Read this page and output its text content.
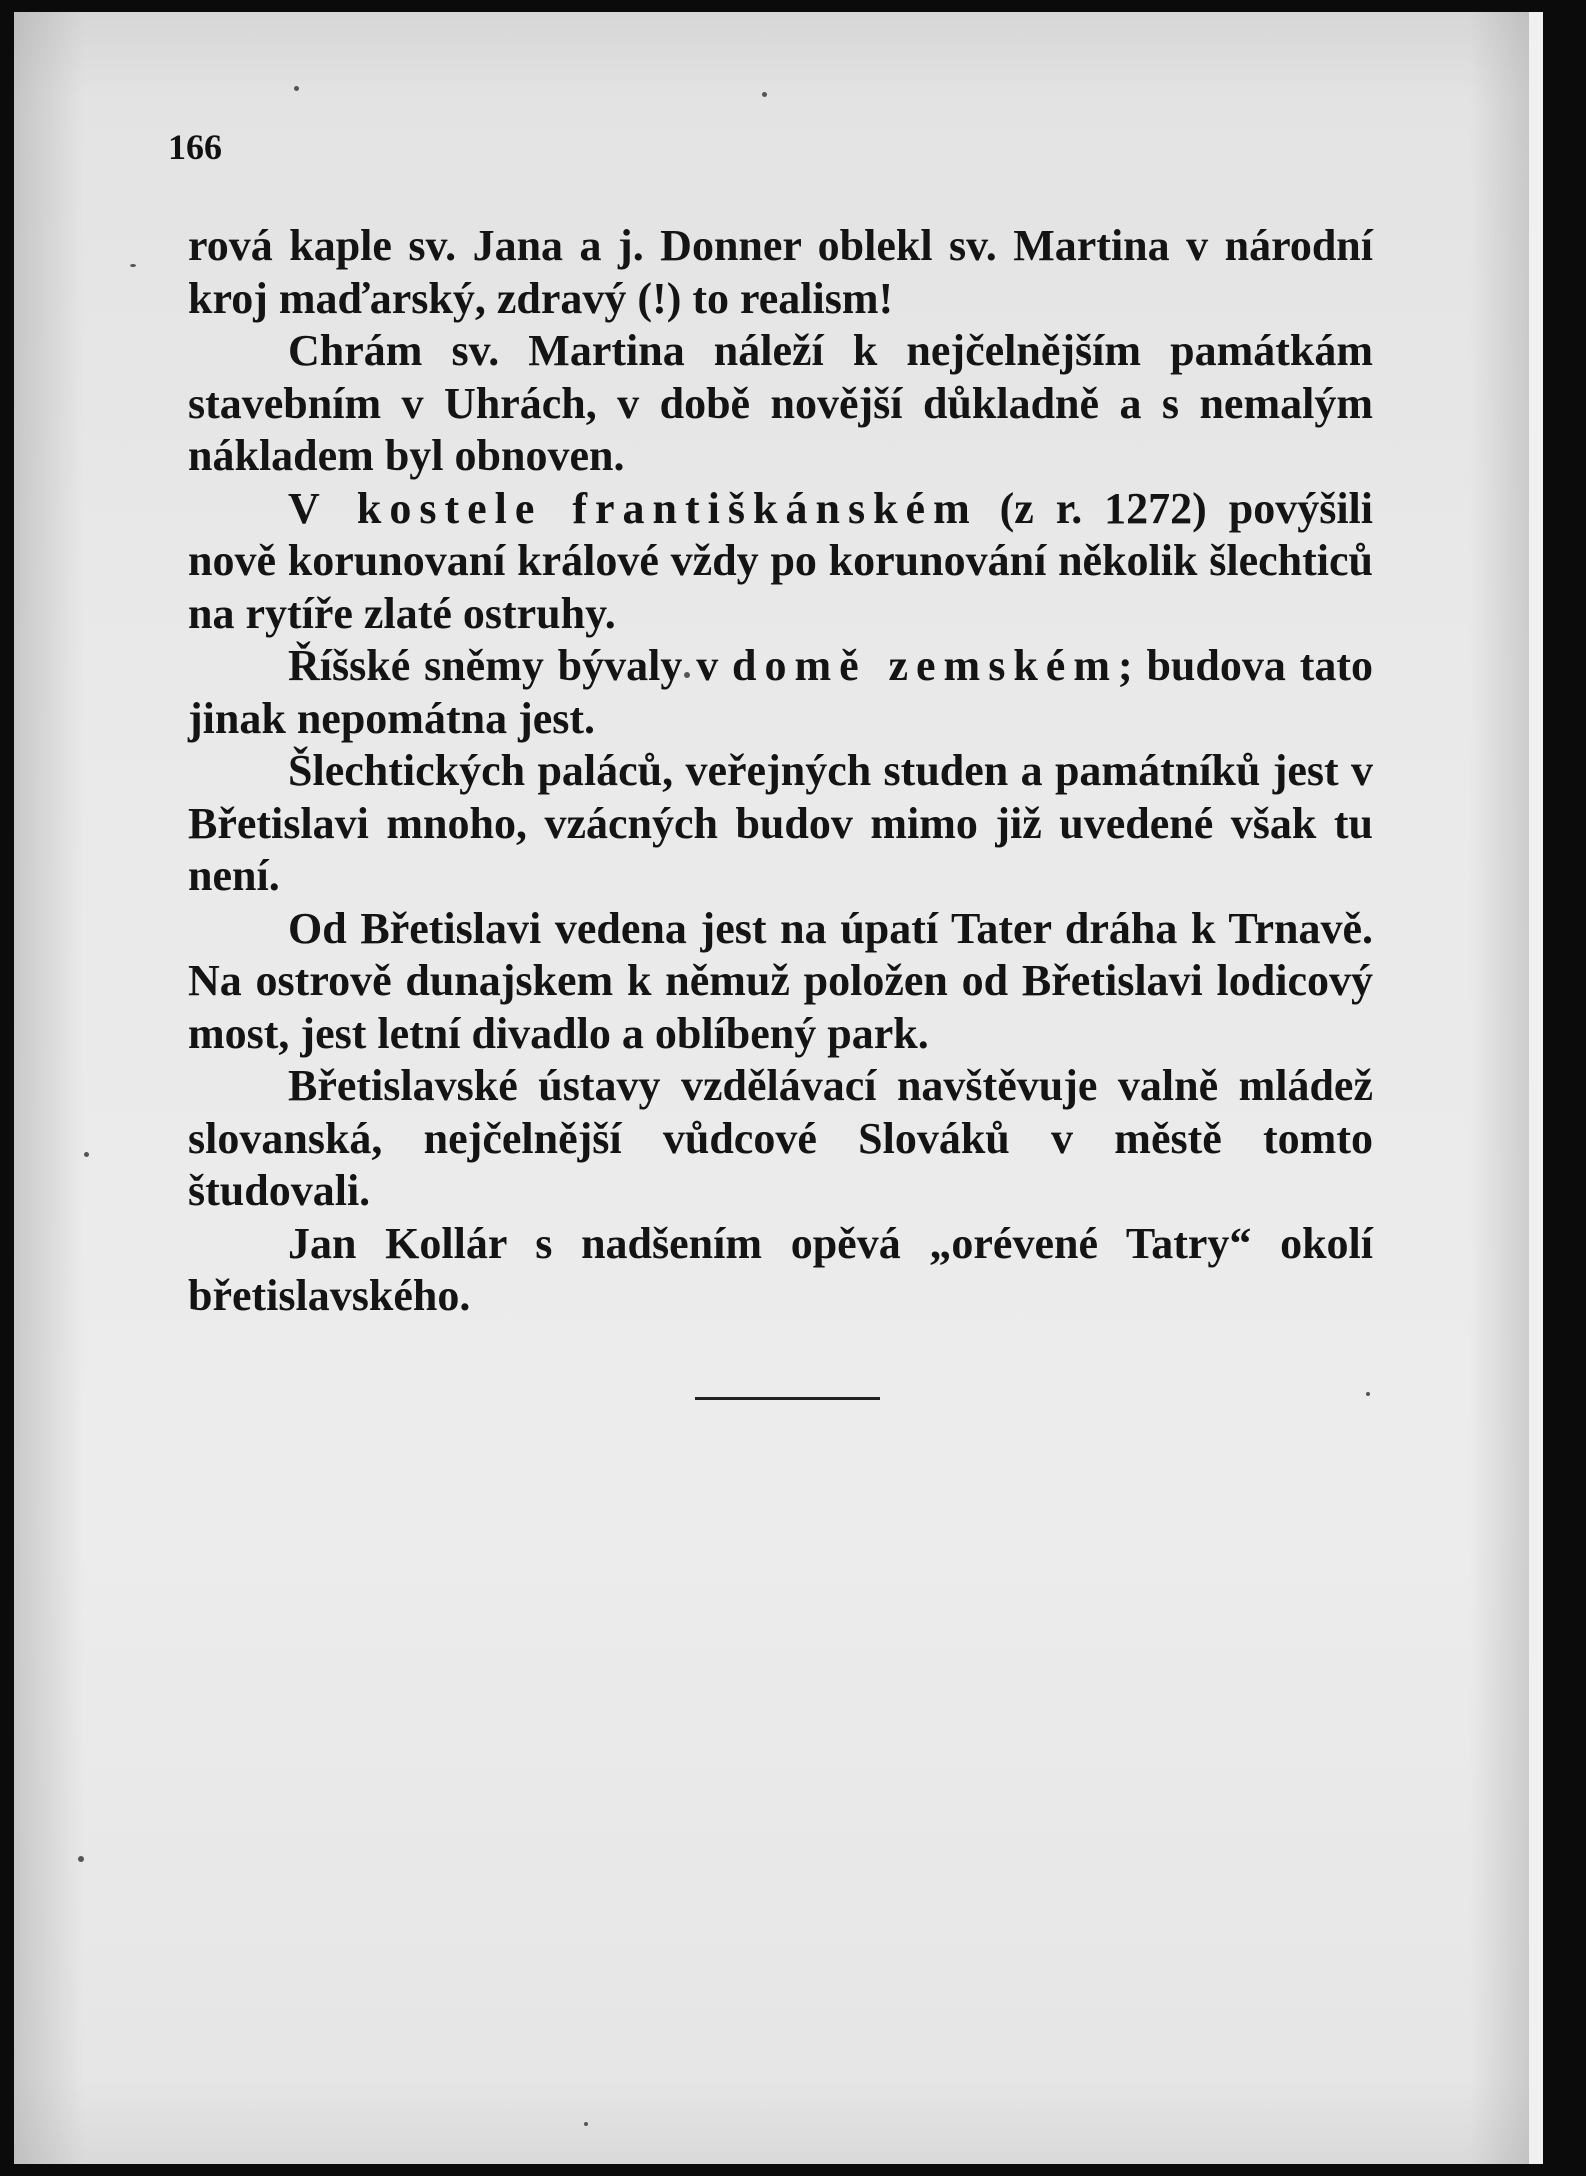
166

rová kaple sv. Jana a j. Donner oblekl sv. Martina v národní kroj maďarský, zdravý (!) to realism!

Chrám sv. Martina náleží k nejčelnějším památkám stavebním v Uhrách, v době novější důkladně a s nemalým nákladem byl obnoven.

V kostele františkánském (z r. 1272) povýšili nově korunovaní králové vždy po korunování několik šlechticů na rytíře zlaté ostruhy.

Říšské sněmy bývaly v domě zemském; budova tato jinak nepomátna jest.

Šlechtických paláců, veřejných studen a památníků jest v Břetislavi mnoho, vzácných budov mimo již uvedené však tu není.

Od Břetislavi vedena jest na úpatí Tater dráha k Trnavě. Na ostrově dunajskem k němuž položen od Břetislavi lodicový most, jest letní divadlo a oblíbený park.

Břetislavské ústavy vzdělávací navštěvuje valně mládež slovanská, nejčelnější vůdcové Slováků v městě tomto študovali.

Jan Kollár s nadšením opěvá „orévené Tatry“ okolí břetislavského.
